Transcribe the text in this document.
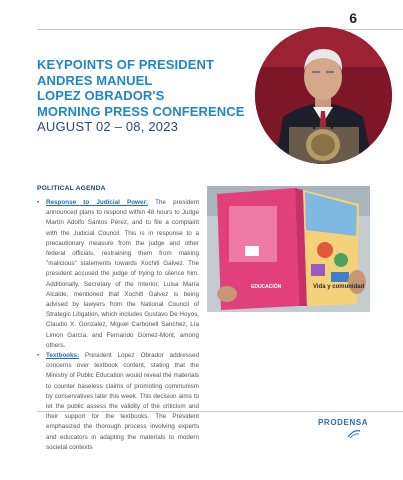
6
KEYPOINTS OF PRESIDENT
ANDRES MANUEL
LOPEZ OBRADOR'S
MORNING PRESS CONFERENCE
AUGUST 02 – 08, 2023
POLITICAL AGENDA
• Response to Judicial Power: The president announced plans to respond within 48 hours to Judge Martín Adolfo Santos Pérez, and to file a complaint with the Judicial Council. This is in response to a precautionary measure from the judge and other federal officials, restraining them from making "malicious" statements towards Xochitl Galvez. The president accused the judge of trying to silence him. Additionally, Secretary of the Interior, Luisa María Alcalde, mentioned that Xochitl Galvez is being advised by lawyers from the National Council of Strategic Litigation, which includes Gustavo De Hoyos, Claudio X. Gonzalez, Miguel Carbonell Sanchez, Lía Limon García, and Fernando Gomez-Mont, among others.
• Textbooks: President Lopez Obrador addressed concerns over textbook content, stating that the Ministry of Public Education would reveal the materials to counter baseless claims of promoting communism by conservatives later this week. This decision aims to let the public assess the validity of the criticism and their support for the textbooks. The President emphasized the thorough process involving experts and educators in adapting the materials to modern societal contexts
EDUCACIÓN	Vida y comunidad
PRODENSA
